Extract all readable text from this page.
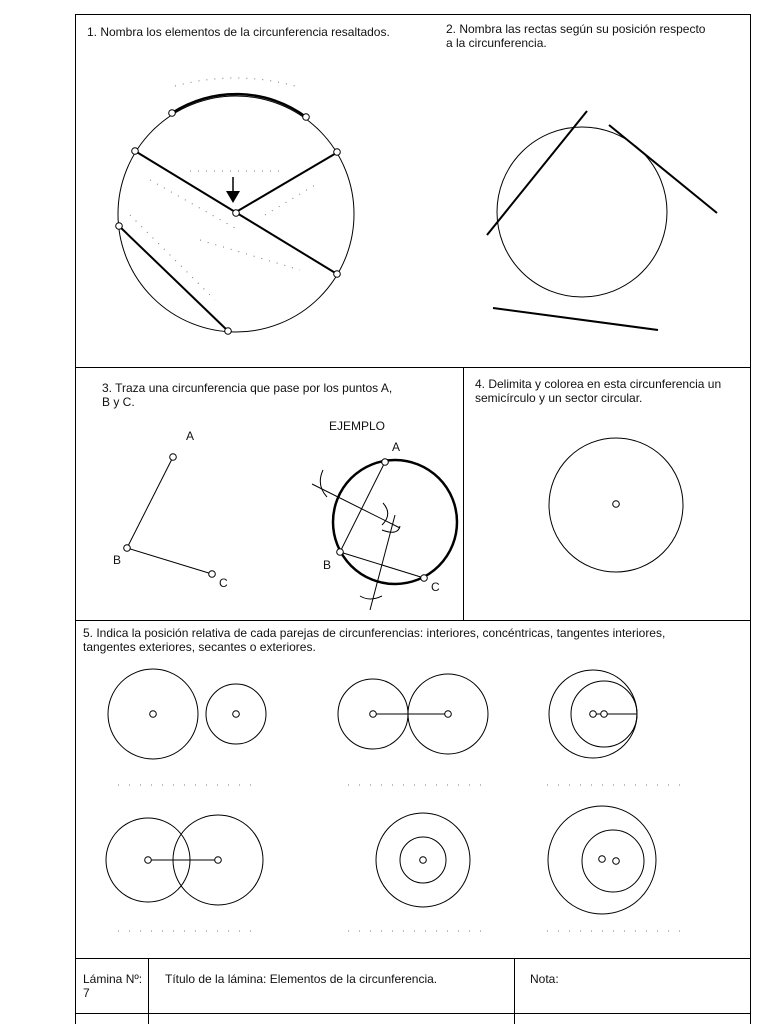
1. Nombra los elementos de la circunferencia resaltados.	2. Nombra las rectas según su posición respecto
a la circunferencia.
3. Traza una circunferencia que pase por los puntos A,
B y C.
4. Delimita y colorea en esta circunferencia un
semicírculo y un sector circular.
5. Indica la posición relativa de cada parejas de circunferencias: interiores, concéntricas, tangentes interiores,
tangentes exteriores, secantes o exteriores.
A
B
C
EJEMPLO
A
B
C
Lámina Nº:
7
Título de la lámina: Elementos de la circunferencia.	Nota:
